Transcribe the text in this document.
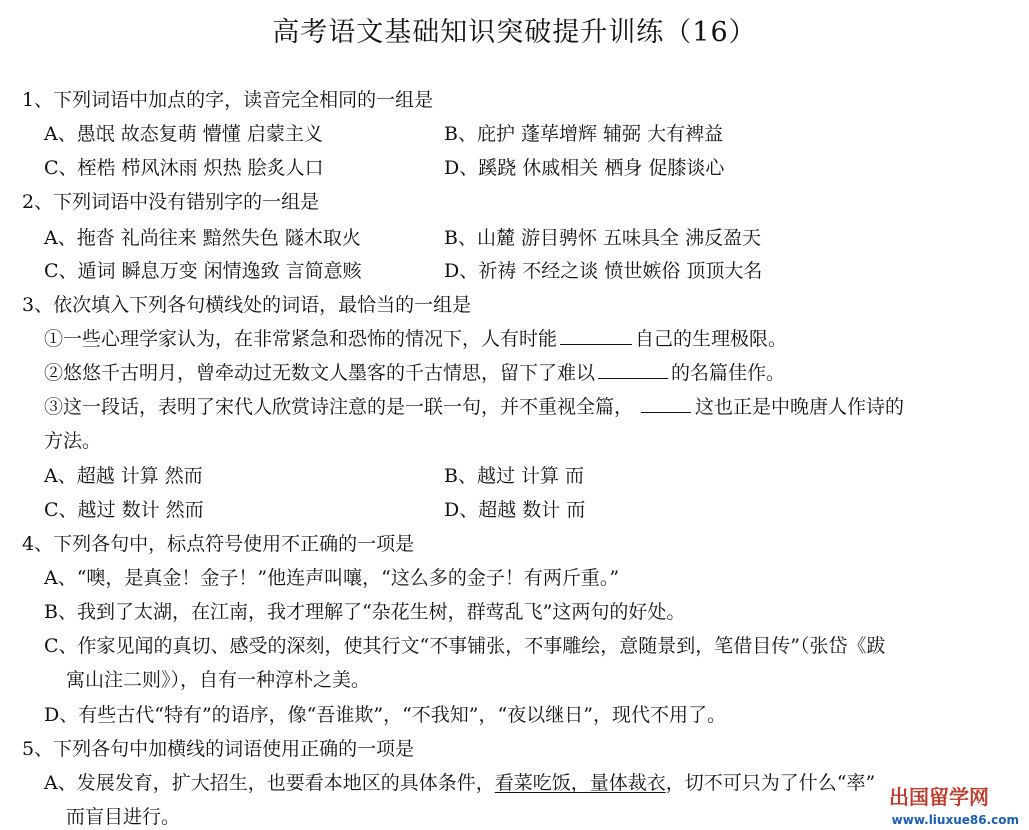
高考语文基础知识突破提升训练（16）
1、下列词语中加点的字，读音完全相同的一组是
A、愚氓 故态复萌 懵懂 启蒙主义	B、庇护 蓬荜增辉 辅弼 大有裨益
C、桎梏 栉风沐雨 炽热 脍炙人口	D、蹊跷 休戚相关 栖身 促膝谈心
2、下列词语中没有错别字的一组是
A、拖沓 礼尚往来 黯然失色 隧木取火	B、山麓 游目骋怀 五味具全 沸反盈天
C、遁词 瞬息万变 闲情逸致 言简意赅	D、祈祷 不经之谈 愤世嫉俗 顶顶大名
3、依次填入下列各句横线处的词语，最恰当的一组是
①一些心理学家认为，在非常紧急和恐怖的情况下，人有时能	自己的生理极限。
②悠悠千古明月，曾牵动过无数文人墨客的千古情思，留下了难以	的名篇佳作。
③这一段话，表明了宋代人欣赏诗注意的是一联一句，并不重视全篇，	这也正是中晚唐人作诗的
方法。
A、超越 计算 然而	B、越过 计算 而
C、越过 数计 然而	D、超越 数计 而
4、下列各句中，标点符号使用不正确的一项是
A、“噢，是真金！金子！”他连声叫嚷，“这么多的金子！有两斤重。”
B、我到了太湖，在江南，我才理解了“杂花生树，群莺乱飞”这两句的好处。
C、作家见闻的真切、感受的深刻，使其行文“不事铺张，不事雕绘，意随景到，笔借目传”（张岱《跋
寓山注二则》），自有一种淳朴之美。
D、有些古代“特有”的语序，像“吾谁欺”，“不我知”，“夜以继日”，现代不用了。
5、下列各句中加横线的词语使用正确的一项是
A、发展发育，扩大招生，也要看本地区的具体条件，看菜吃饭，量体裁衣，切不可只为了什么“率”
而盲目进行。
出国留学网
www.liuxue86.com
